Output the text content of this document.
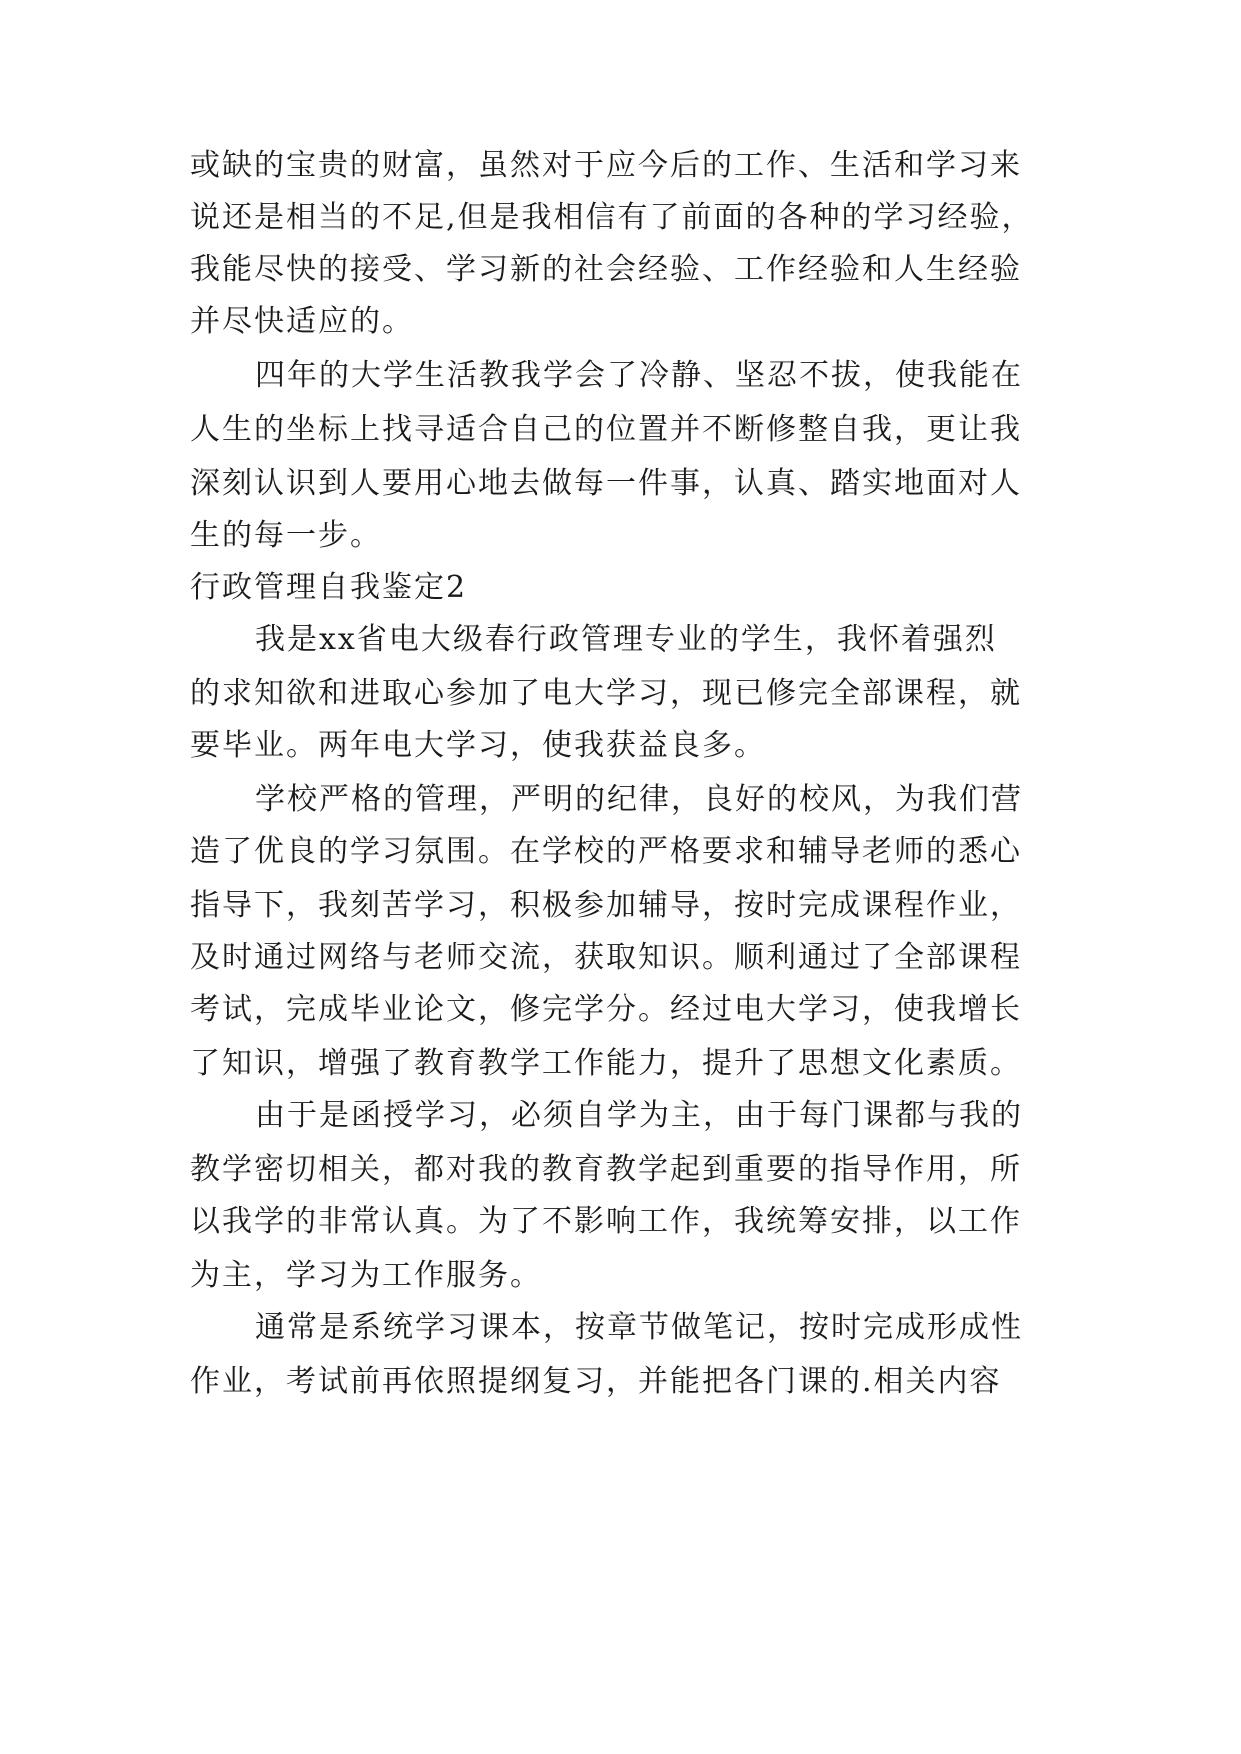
或缺的宝贵的财富，虽然对于应今后的工作、生活和学习来
说还是相当的不足,但是我相信有了前面的各种的学习经验，
我能尽快的接受、学习新的社会经验、工作经验和人生经验
并尽快适应的。
四年的大学生活教我学会了冷静、坚忍不拔，使我能在
人生的坐标上找寻适合自己的位置并不断修整自我，更让我
深刻认识到人要用心地去做每一件事，认真、踏实地面对人
生的每一步。
行政管理自我鉴定2
我是xx省电大级春行政管理专业的学生，我怀着强烈
的求知欲和进取心参加了电大学习，现已修完全部课程，就
要毕业。两年电大学习，使我获益良多。
学校严格的管理，严明的纪律，良好的校风，为我们营
造了优良的学习氛围。在学校的严格要求和辅导老师的悉心
指导下，我刻苦学习，积极参加辅导，按时完成课程作业，
及时通过网络与老师交流，获取知识。顺利通过了全部课程
考试，完成毕业论文，修完学分。经过电大学习，使我增长
了知识，增强了教育教学工作能力，提升了思想文化素质。
由于是函授学习，必须自学为主，由于每门课都与我的
教学密切相关，都对我的教育教学起到重要的指导作用，所
以我学的非常认真。为了不影响工作，我统筹安排，以工作
为主，学习为工作服务。
通常是系统学习课本，按章节做笔记，按时完成形成性
作业，考试前再依照提纲复习，并能把各门课的.相关内容
